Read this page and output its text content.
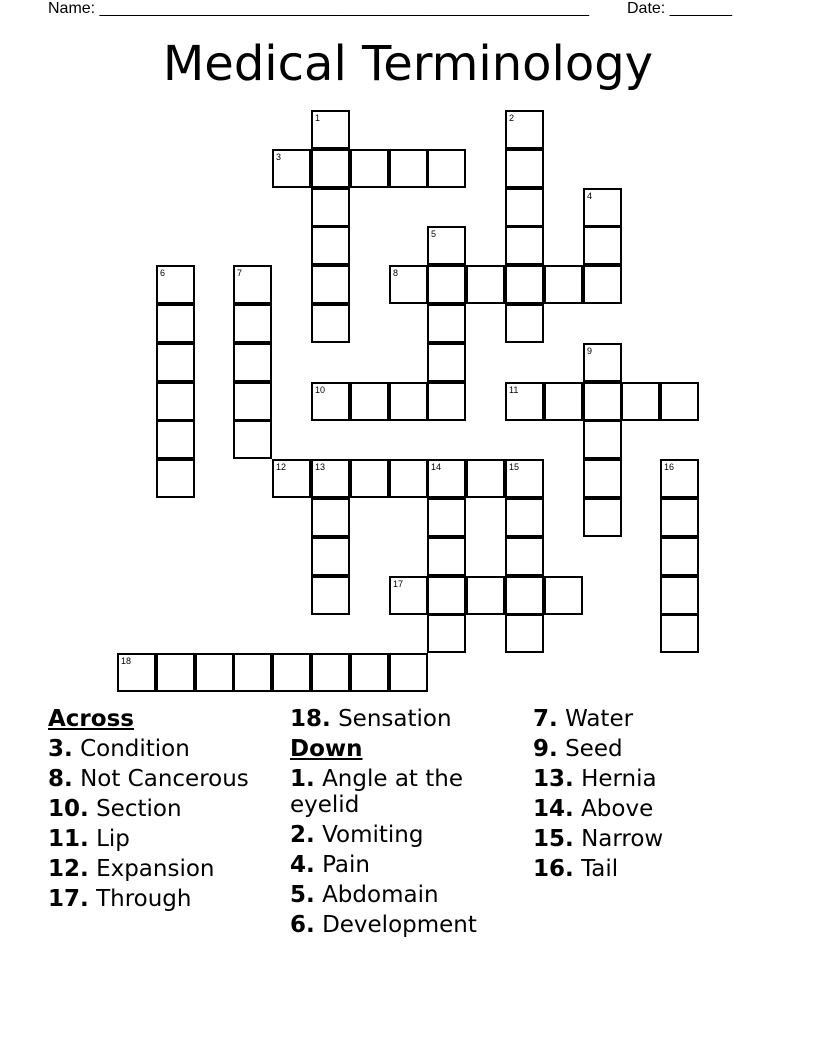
Name: _______________________________________________________ Date: _______
Medical Terminology
1	2
3
4
5
6	7	8
9
10	11
12	13	14	15	16
17
18
Across
3. Condition
8. Not Cancerous
10. Section
11. Lip
12. Expansion
17. Through
18. Sensation
Down
1. Angle at the eyelid
2. Vomiting
4. Pain
5. Abdomain
6. Development
7. Water
9. Seed
13. Hernia
14. Above
15. Narrow
16. Tail
